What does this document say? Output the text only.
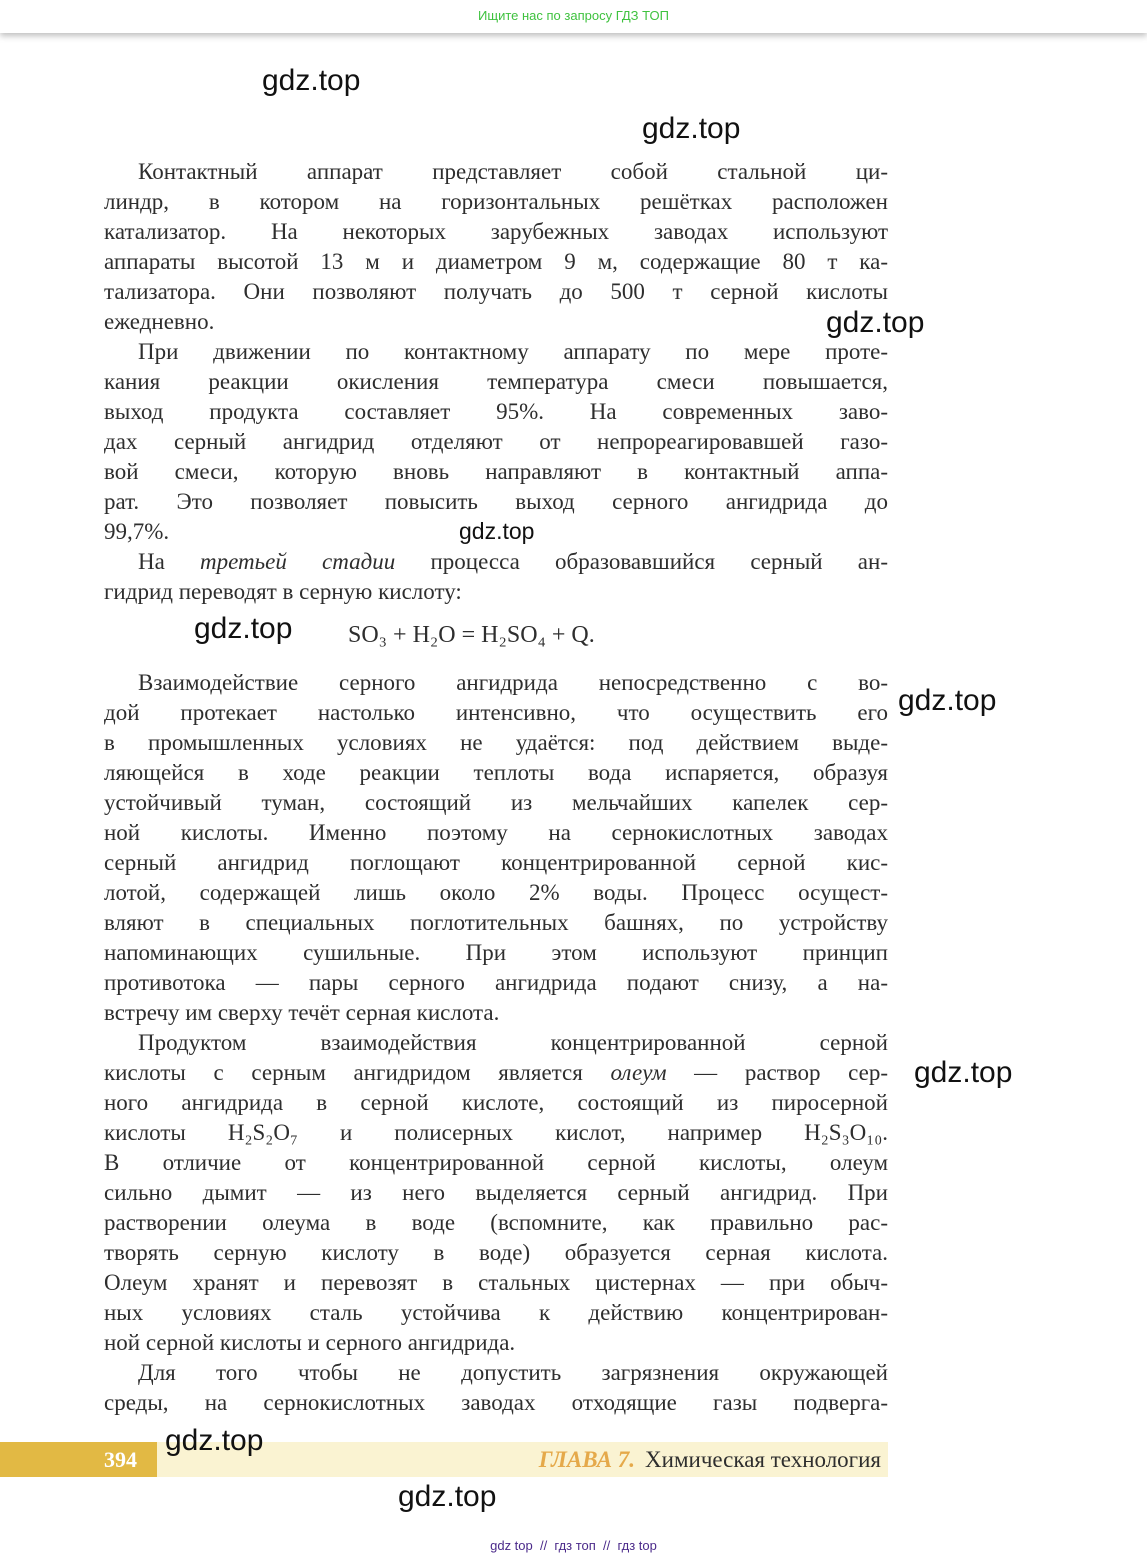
Ищите нас по запросу ГДЗ ТОП
Контактный аппарат представляет собой стальной ци-
линдр, в котором на горизонтальных решётках расположен
катализатор. На некоторых зарубежных заводах используют
аппараты высотой 13 м и диаметром 9 м, содержащие 80 т ка-
тализатора. Они позволяют получать до 500 т серной кислоты
ежедневно.
При движении по контактному аппарату по мере проте-
кания реакции окисления температура смеси повышается,
выход продукта составляет 95%. На современных заво-
дах серный ангидрид отделяют от непрореагировавшей газо-
вой смеси, которую вновь направляют в контактный аппа-
рат. Это позволяет повысить выход серного ангидрида до
99,7%.
На третьей стадии процесса образовавшийся серный ан-
гидрид переводят в серную кислоту:
SO₃ + H₂O = H₂SO₄ + Q.
Взаимодействие серного ангидрида непосредственно с во-
дой протекает настолько интенсивно, что осуществить его
в промышленных условиях не удаётся: под действием выде-
ляющейся в ходе реакции теплоты вода испаряется, образуя
устойчивый туман, состоящий из мельчайших капелек сер-
ной кислоты. Именно поэтому на сернокислотных заводах
серный ангидрид поглощают концентрированной серной кис-
лотой, содержащей лишь около 2% воды. Процесс осущест-
вляют в специальных поглотительных башнях, по устройству
напоминающих сушильные. При этом используют принцип
противотока — пары серного ангидрида подают снизу, а на-
встречу им сверху течёт серная кислота.
Продуктом взаимодействия концентрированной серной
кислоты с серным ангидридом является олеум — раствор сер-
ного ангидрида в серной кислоте, состоящий из пиросерной
кислоты H₂S₂O₇ и полисерных кислот, например H₂S₃O₁₀.
В отличие от концентрированной серной кислоты, олеум
сильно дымит — из него выделяется серный ангидрид. При
растворении олеума в воде (вспомните, как правильно рас-
творять серную кислоту в воде) образуется серная кислота.
Олеум хранят и перевозят в стальных цистернах — при обыч-
ных условиях сталь устойчива к действию концентрирован-
ной серной кислоты и серного ангидрида.
Для того чтобы не допустить загрязнения окружающей
среды, на сернокислотных заводах отходящие газы подверга-
394	ГЛАВА 7. Химическая технология
gdz.top
gdz.top
gdz.top
gdz.top
gdz.top
gdz.top
gdz.top
gdz.top
gdz.top
gdz top  //  гдз топ  //  гдз top
